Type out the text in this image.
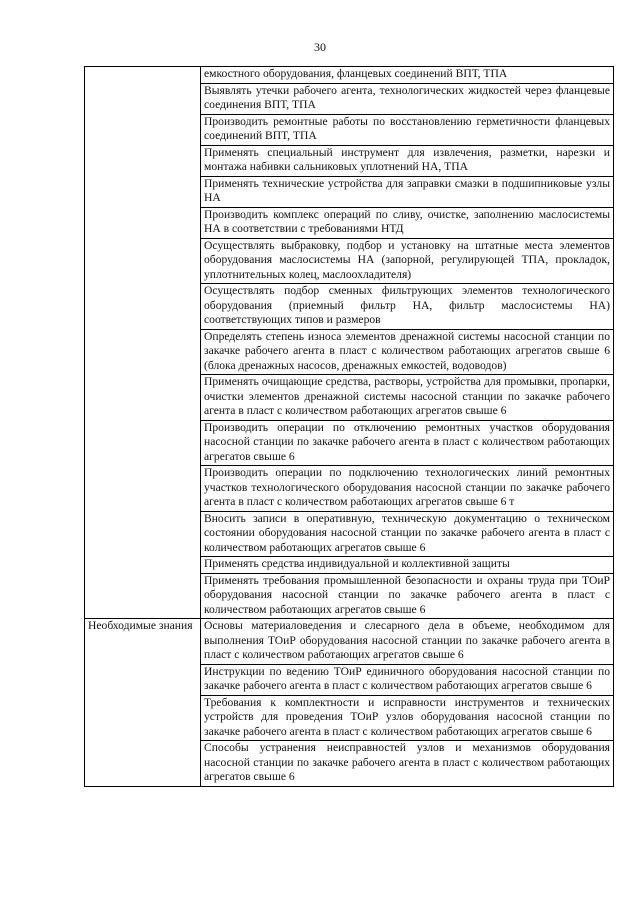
30
	емкостного оборудования, фланцевых соединений ВПТ, ТПА
	Выявлять утечки рабочего агента, технологических жидкостей через фланцевые соединения ВПТ, ТПА
	Производить ремонтные работы по восстановлению герметичности фланцевых соединений ВПТ, ТПА
	Применять специальный инструмент для извлечения, разметки, нарезки и монтажа набивки сальниковых уплотнений НА, ТПА
	Применять технические устройства для заправки смазки в подшипниковые узлы НА
	Производить комплекс операций по сливу, очистке, заполнению маслосистемы НА в соответствии с требованиями НТД
	Осуществлять выбраковку, подбор и установку на штатные места элементов оборудования маслосистемы НА (запорной, регулирующей ТПА, прокладок, уплотнительных колец, маслоохладителя)
	Осуществлять подбор сменных фильтрующих элементов технологического оборудования (приемный фильтр НА, фильтр маслосистемы НА) соответствующих типов и размеров
	Определять степень износа элементов дренажной системы насосной станции по закачке рабочего агента в пласт с количеством работающих агрегатов свыше 6 (блока дренажных насосов, дренажных емкостей, водоводов)
	Применять очищающие средства, растворы, устройства для промывки, пропарки, очистки элементов дренажной системы насосной станции по закачке рабочего агента в пласт с количеством работающих агрегатов свыше 6
	Производить операции по отключению ремонтных участков оборудования насосной станции по закачке рабочего агента в пласт с количеством работающих агрегатов свыше 6
	Производить операции по подключению технологических линий ремонтных участков технологического оборудования насосной станции по закачке рабочего агента в пласт с количеством работающих агрегатов свыше 6 т
	Вносить записи в оперативную, техническую документацию о техническом состоянии оборудования насосной станции по закачке рабочего агента в пласт с количеством работающих агрегатов свыше 6
	Применять средства индивидуальной и коллективной защиты
	Применять требования промышленной безопасности и охраны труда при ТОиР оборудования насосной станции по закачке рабочего агента в пласт с количеством работающих агрегатов свыше 6
Необходимые знания	Основы материаловедения и слесарного дела в объеме, необходимом для выполнения ТОиР оборудования насосной станции по закачке рабочего агента в пласт с количеством работающих агрегатов свыше 6
	Инструкции по ведению ТОиР единичного оборудования насосной станции по закачке рабочего агента в пласт с количеством работающих агрегатов свыше 6
	Требования к комплектности и исправности инструментов и технических устройств для проведения ТОиР узлов оборудования насосной станции по закачке рабочего агента в пласт с количеством работающих агрегатов свыше 6
	Способы устранения неисправностей узлов и механизмов оборудования насосной станции по закачке рабочего агента в пласт с количеством работающих агрегатов свыше 6
